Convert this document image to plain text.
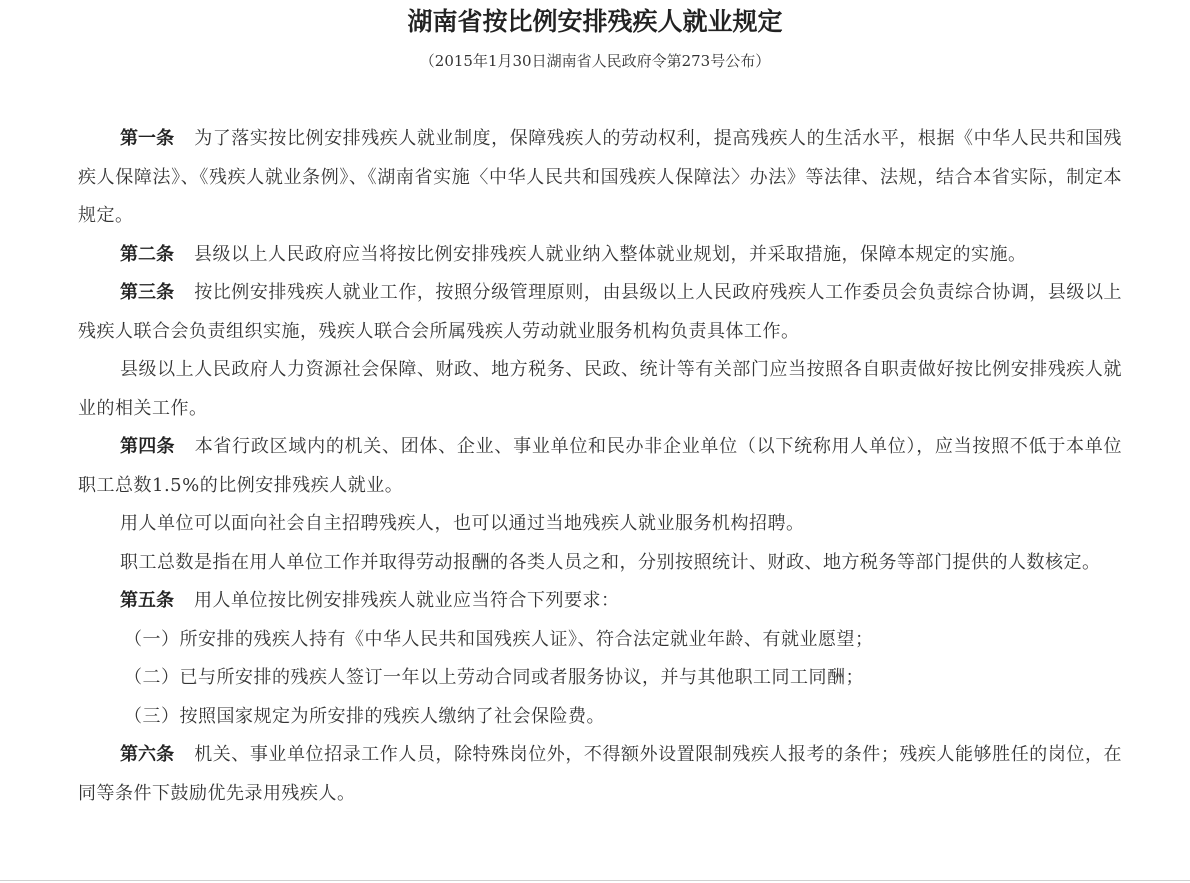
湖南省按比例安排残疾人就业规定
（2015年1月30日湖南省人民政府令第273号公布）

第一条 为了落实按比例安排残疾人就业制度，保障残疾人的劳动权利，提高残疾人的生活水平，根据《中华人民共和国残疾人保障法》、《残疾人就业条例》、《湖南省实施〈中华人民共和国残疾人保障法〉办法》等法律、法规，结合本省实际，制定本规定。

第二条 县级以上人民政府应当将按比例安排残疾人就业纳入整体就业规划，并采取措施，保障本规定的实施。

第三条 按比例安排残疾人就业工作，按照分级管理原则，由县级以上人民政府残疾人工作委员会负责综合协调，县级以上残疾人联合会负责组织实施，残疾人联合会所属残疾人劳动就业服务机构负责具体工作。

县级以上人民政府人力资源社会保障、财政、地方税务、民政、统计等有关部门应当按照各自职责做好按比例安排残疾人就业的相关工作。

第四条 本省行政区域内的机关、团体、企业、事业单位和民办非企业单位（以下统称用人单位），应当按照不低于本单位职工总数1.5%的比例安排残疾人就业。

用人单位可以面向社会自主招聘残疾人，也可以通过当地残疾人就业服务机构招聘。

职工总数是指在用人单位工作并取得劳动报酬的各类人员之和，分别按照统计、财政、地方税务等部门提供的人数核定。

第五条 用人单位按比例安排残疾人就业应当符合下列要求：

（一）所安排的残疾人持有《中华人民共和国残疾人证》、符合法定就业年龄、有就业愿望；

（二）已与所安排的残疾人签订一年以上劳动合同或者服务协议，并与其他职工同工同酬；

（三）按照国家规定为所安排的残疾人缴纳了社会保险费。

第六条 机关、事业单位招录工作人员，除特殊岗位外，不得额外设置限制残疾人报考的条件；残疾人能够胜任的岗位，在同等条件下鼓励优先录用残疾人。
